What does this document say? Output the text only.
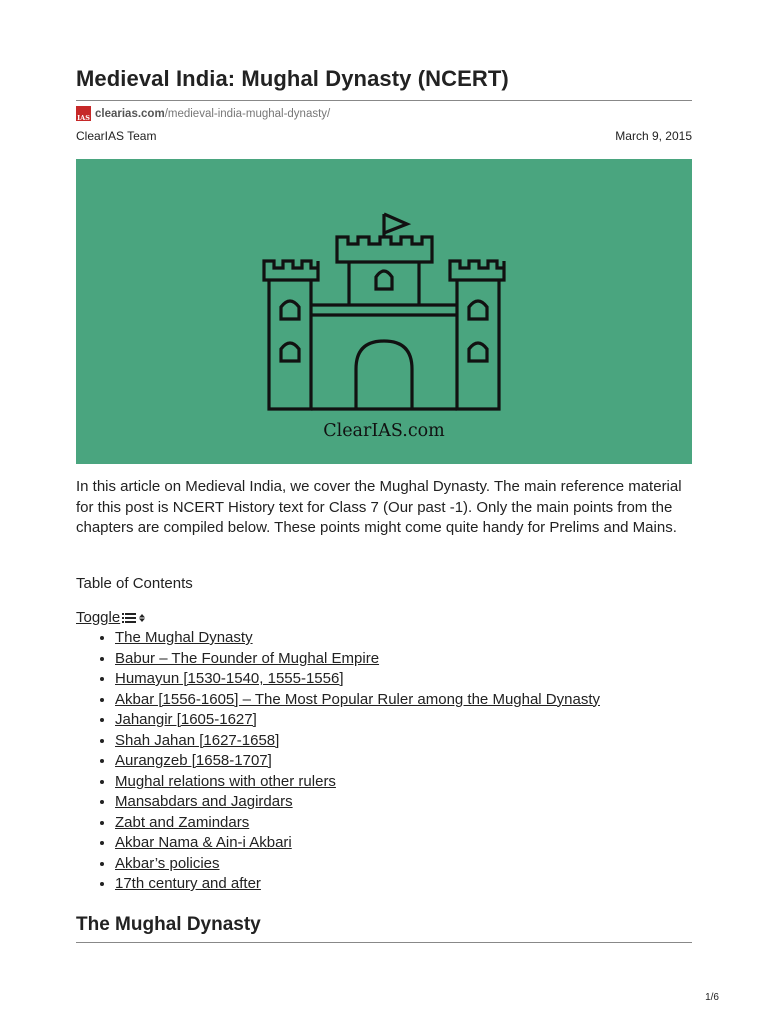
Medieval India: Mughal Dynasty (NCERT)
IAS clearias.com /medieval-india-mughal-dynasty/
ClearIAS Team	March 9, 2015
ClearIAS.com

In this article on Medieval India, we cover the Mughal Dynasty. The main reference material for this post is NCERT History text for Class 7 (Our past -1). Only the main points from the chapters are compiled below. These points might come quite handy for Prelims and Mains.

Table of Contents
Toggle
• The Mughal Dynasty
• Babur – The Founder of Mughal Empire
• Humayun [1530-1540, 1555-1556]
• Akbar [1556-1605] – The Most Popular Ruler among the Mughal Dynasty
• Jahangir [1605-1627]
• Shah Jahan [1627-1658]
• Aurangzeb [1658-1707]
• Mughal relations with other rulers
• Mansabdars and Jagirdars
• Zabt and Zamindars
• Akbar Nama & Ain-i Akbari
• Akbar’s policies
• 17th century and after
The Mughal Dynasty
1/6
